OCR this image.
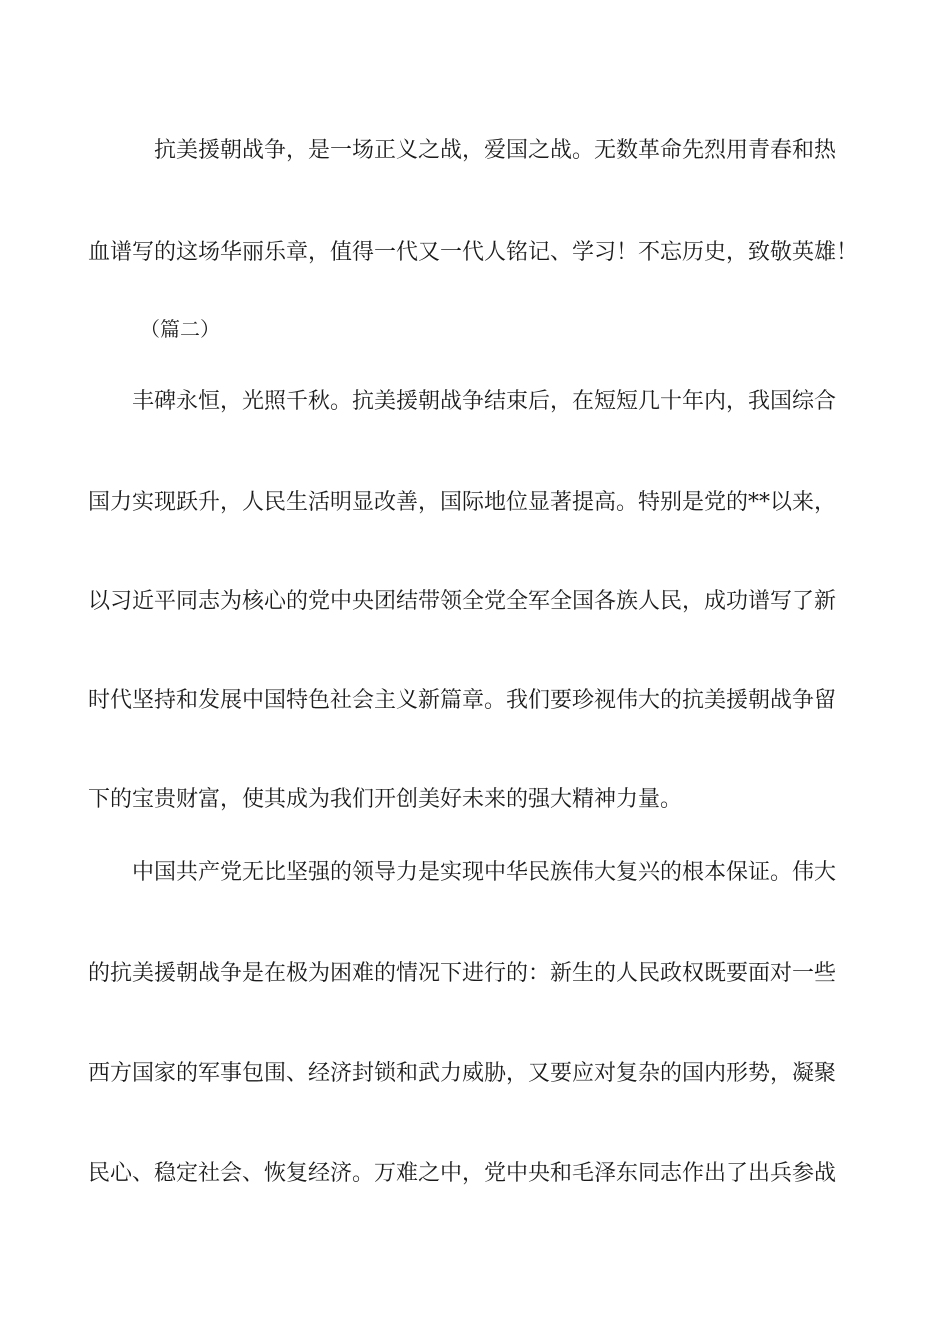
抗美援朝战争，是一场正义之战，爱国之战。无数革命先烈用青春和热
血谱写的这场华丽乐章，值得一代又一代人铭记、学习！不忘历史，致敬英雄！
（篇二）
丰碑永恒，光照千秋。抗美援朝战争结束后，在短短几十年内，我国综合
国力实现跃升，人民生活明显改善，国际地位显著提高。特别是党的**以来，
以习近平同志为核心的党中央团结带领全党全军全国各族人民，成功谱写了新
时代坚持和发展中国特色社会主义新篇章。我们要珍视伟大的抗美援朝战争留
下的宝贵财富，使其成为我们开创美好未来的强大精神力量。
中国共产党无比坚强的领导力是实现中华民族伟大复兴的根本保证。伟大
的抗美援朝战争是在极为困难的情况下进行的：新生的人民政权既要面对一些
西方国家的军事包围、经济封锁和武力威胁，又要应对复杂的国内形势，凝聚
民心、稳定社会、恢复经济。万难之中，党中央和毛泽东同志作出了出兵参战
